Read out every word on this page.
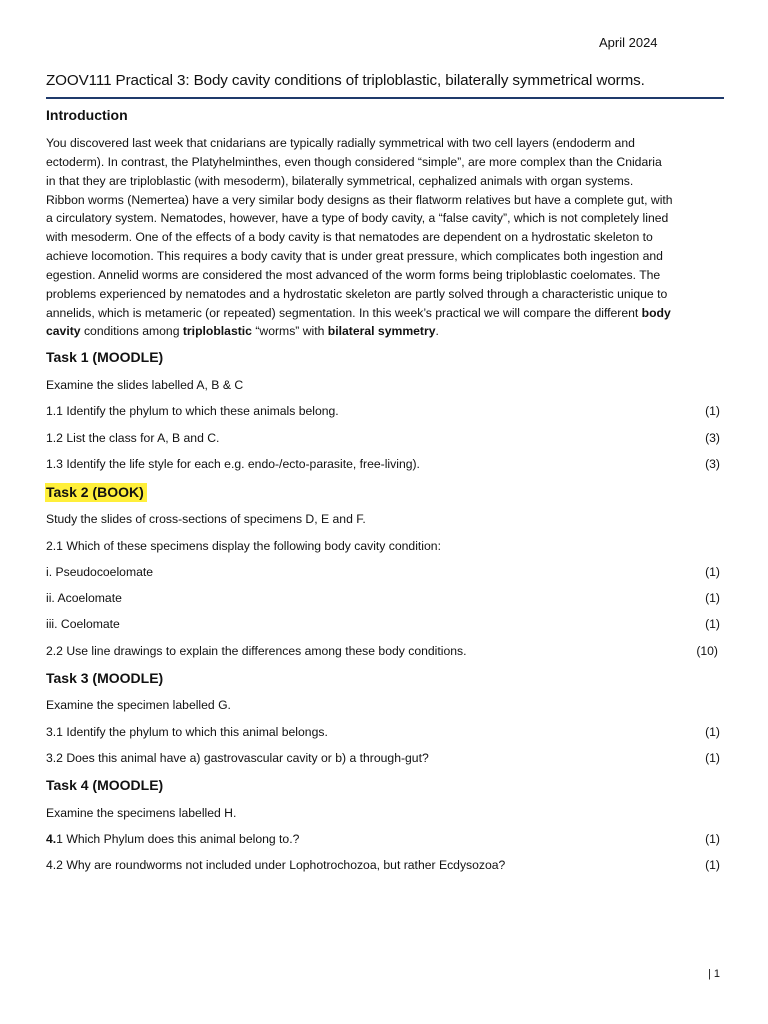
April 2024
ZOOV111 Practical 3: Body cavity conditions of triploblastic, bilaterally symmetrical worms.
Introduction
You discovered last week that cnidarians are typically radially symmetrical with two cell layers (endoderm and
ectoderm). In contrast, the Platyhelminthes, even though considered “simple”, are more complex than the Cnidaria
in that they are triploblastic (with mesoderm), bilaterally symmetrical, cephalized animals with organ systems.
Ribbon worms (Nemertea) have a very similar body designs as their flatworm relatives but have a complete gut, with
a circulatory system. Nematodes, however, have a type of body cavity, a “false cavity”, which is not completely lined
with mesoderm. One of the effects of a body cavity is that nematodes are dependent on a hydrostatic skeleton to
achieve locomotion. This requires a body cavity that is under great pressure, which complicates both ingestion and
egestion. Annelid worms are considered the most advanced of the worm forms being triploblastic coelomates. The
problems experienced by nematodes and a hydrostatic skeleton are partly solved through a characteristic unique to
annelids, which is metameric (or repeated) segmentation. In this week’s practical we will compare the different body
cavity conditions among triploblastic “worms” with bilateral symmetry.
Task 1 (MOODLE)
Examine the slides labelled A, B & C
1.1 Identify the phylum to which these animals belong.	(1)
1.2 List the class for A, B and C.	(3)
1.3 Identify the life style for each e.g. endo-/ecto-parasite, free-living).	(3)
Task 2 (BOOK)
Study the slides of cross-sections of specimens D, E and F.
2.1 Which of these specimens display the following body cavity condition:
i. Pseudocoelomate	(1)
ii. Acoelomate	(1)
iii. Coelomate	(1)
2.2 Use line drawings to explain the differences among these body conditions.	(10)
Task 3 (MOODLE)
Examine the specimen labelled G.
3.1 Identify the phylum to which this animal belongs.	(1)
3.2 Does this animal have a) gastrovascular cavity or b) a through-gut?	(1)
Task 4 (MOODLE)
Examine the specimens labelled H.
4.1 Which Phylum does this animal belong to.?	(1)
4.2 Why are roundworms not included under Lophotrochozoa, but rather Ecdysozoa?	(1)
| 1
